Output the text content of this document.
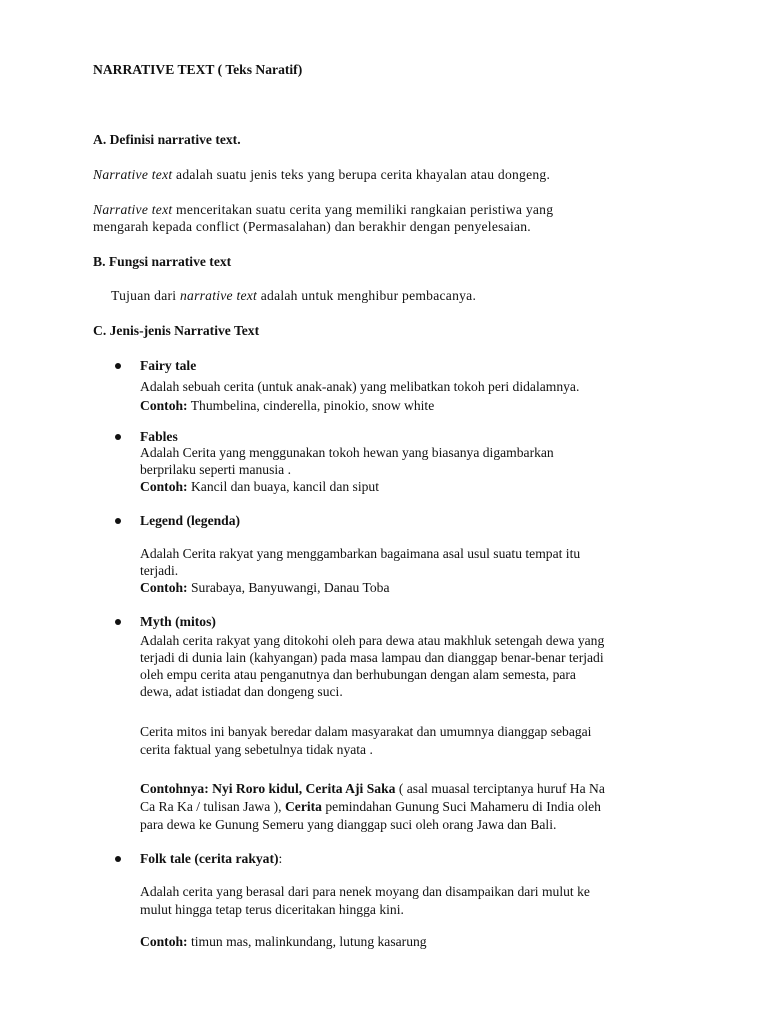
NARRATIVE TEXT ( Teks Naratif)
A. Definisi narrative text.
Narrative text adalah suatu jenis teks yang berupa cerita khayalan atau dongeng.
Narrative text menceritakan suatu cerita yang memiliki rangkaian peristiwa yang
mengarah kepada conflict (Permasalahan) dan berakhir dengan penyelesaian.
B. Fungsi narrative text
Tujuan dari narrative text adalah untuk menghibur pembacanya.
C. Jenis-jenis Narrative Text
Fairy tale
Adalah sebuah cerita (untuk anak-anak) yang melibatkan tokoh peri didalamnya.
Contoh: Thumbelina, cinderella, pinokio, snow white
Fables
Adalah Cerita yang menggunakan tokoh hewan yang biasanya digambarkan
berprilaku seperti manusia .
Contoh: Kancil dan buaya, kancil dan siput
Legend (legenda)
Adalah Cerita rakyat yang menggambarkan bagaimana asal usul suatu tempat itu
terjadi.
Contoh: Surabaya, Banyuwangi, Danau Toba
Myth (mitos)
Adalah cerita rakyat yang ditokohi oleh para dewa atau makhluk setengah dewa yang
terjadi di dunia lain (kahyangan) pada masa lampau dan dianggap benar-benar terjadi
oleh empu cerita atau penganutnya dan berhubungan dengan alam semesta, para
dewa, adat istiadat dan dongeng suci.
Cerita mitos ini banyak beredar dalam masyarakat dan umumnya dianggap sebagai
cerita faktual yang sebetulnya tidak nyata .
Contohnya: Nyi Roro kidul, Cerita Aji Saka ( asal muasal terciptanya huruf Ha Na
Ca Ra Ka / tulisan Jawa ), Cerita pemindahan Gunung Suci Mahameru di India oleh
para dewa ke Gunung Semeru yang dianggap suci oleh orang Jawa dan Bali.
Folk tale (cerita rakyat):
Adalah cerita yang berasal dari para nenek moyang dan disampaikan dari mulut ke
mulut hingga tetap terus diceritakan hingga kini.
Contoh: timun mas, malinkundang, lutung kasarung
